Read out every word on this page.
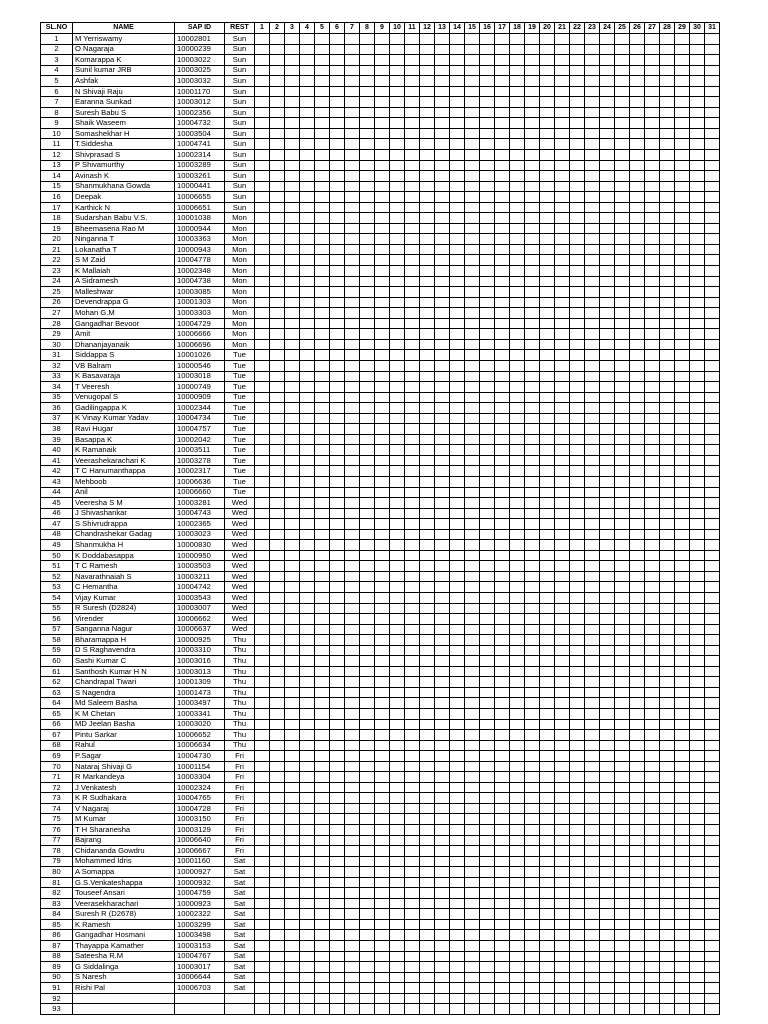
SL.NO	NAME	SAP ID	REST	1	2	3	4	5	6	7	8	9	10	11	12	13	14	15	16	17	18	19	20	21	22	23	24	25	26	27	28	29	30	31
1	M Yerriswamy	10002801	Sun																															
2	O Nagaraja	10000239	Sun																															
3	Komarappa K	10003022	Sun																															
4	Sunil kumar JRB	10003025	Sun																															
5	Ashfak	10003032	Sun																															
6	N Shivaji Raju	10001170	Sun																															
7	Earanna Sunkad	10003012	Sun																															
8	Suresh Babu S	10002356	Sun																															
9	Shaik Waseem	10004732	Sun																															
10	Somashekhar H	10003504	Sun																															
11	T.Siddesha	10004741	Sun																															
12	Shivprasad S	10002314	Sun																															
13	P Shivamurthy	10003289	Sun																															
14	Avinash K	10003261	Sun																															
15	Shanmukhana Gowda	10000441	Sun																															
16	Deepak	10006655	Sun																															
17	Karthick N	10006651	Sun																															
18	Sudarshan Babu V.S.	10001038	Mon																															
19	Bheemasena Rao M	10000944	Mon																															
20	Ninganna T	10003363	Mon																															
21	Lokanatha T	10000943	Mon																															
22	S M Zaid	10004778	Mon																															
23	K Mallaiah	10002348	Mon																															
24	A Sidramesh	10004738	Mon																															
25	Malleshwar	10003085	Mon																															
26	Devendrappa G	10001303	Mon																															
27	Mohan G.M	10003303	Mon																															
28	Gangadhar Bevoor	10004729	Mon																															
29	Amit	10006666	Mon																															
30	Dhananjayanaik	10006696	Mon																															
31	Siddappa S	10001026	Tue																															
32	VB Balram	10000546	Tue																															
33	K Basavaraja	10003018	Tue																															
34	T Veeresh	10000749	Tue																															
35	Venugopal S	10000909	Tue																															
36	Gadilingappa K	10002344	Tue																															
37	K Vinay Kumar Yadav	10004734	Tue																															
38	Ravi Hugar	10004757	Tue																															
39	Basappa K	10002042	Tue																															
40	K Ramanaik	10003511	Tue																															
41	Veerashekarachari K	10003278	Tue																															
42	T C Hanumanthappa	10002317	Tue																															
43	Mehboob	10006636	Tue																															
44	Anil	10006660	Tue																															
45	Veeresha S M	10003281	Wed																															
46	J Shivashankar	10004743	Wed																															
47	S Shivrudrappa	10002365	Wed																															
48	Chandrashekar Gadag	10003023	Wed																															
49	Shanmukha H	10000830	Wed																															
50	K Doddabasappa	10000950	Wed																															
51	T C Ramesh	10003503	Wed																															
52	Navarathnaiah S	10003211	Wed																															
53	C Hemantha	10004742	Wed																															
54	Vijay Kumar	10003543	Wed																															
55	R Suresh (D2824)	10003007	Wed																															
56	Virender	10006662	Wed																															
57	Sanganna Nagur	10006637	Wed																															
58	Bharamappa H	10000925	Thu																															
59	D S Raghavendra	10003310	Thu																															
60	Sashi Kumar C	10003016	Thu																															
61	Santhosh Kumar H N	10003013	Thu																															
62	Chandrapal Tiwari	10001309	Thu																															
63	S Nagendra	10001473	Thu																															
64	Md Saleem Basha	10003497	Thu																															
65	K M Chetan	10003341	Thu																															
66	MD Jeelan Basha	10003020	Thu																															
67	Pintu Sarkar	10006652	Thu																															
68	Rahul	10006634	Thu																															
69	P.Sagar	10004730	Fri																															
70	Nataraj Shivaji G	10001154	Fri																															
71	R Markandeya	10003304	Fri																															
72	J Venkatesh	10002324	Fri																															
73	K R Sudhakara	10004765	Fri																															
74	V Nagaraj	10004728	Fri																															
75	M Kumar	10003150	Fri																															
76	T H Sharanesha	10003129	Fri																															
77	Bajrang	10006640	Fri																															
78	Chidananda Gowdru	10006667	Fri																															
79	Mohammed Idris	10001160	Sat																															
80	A Somappa	10000927	Sat																															
81	G.S.Venkateshappa	10000932	Sat																															
82	Touseef Ansari	10004759	Sat																															
83	Veerasekharachari	10000923	Sat																															
84	Suresh R (D2678)	10002322	Sat																															
85	K Ramesh	10003299	Sat																															
86	Gangadhar Hosmani	10003498	Sat																															
87	Thayappa Kamather	10003153	Sat																															
88	Sateesha R.M	10004767	Sat																															
89	G Siddalinga	10003017	Sat																															
90	S Naresh	10006644	Sat																															
91	Rishi Pal	10006703	Sat																															
92																																		
93																																		
